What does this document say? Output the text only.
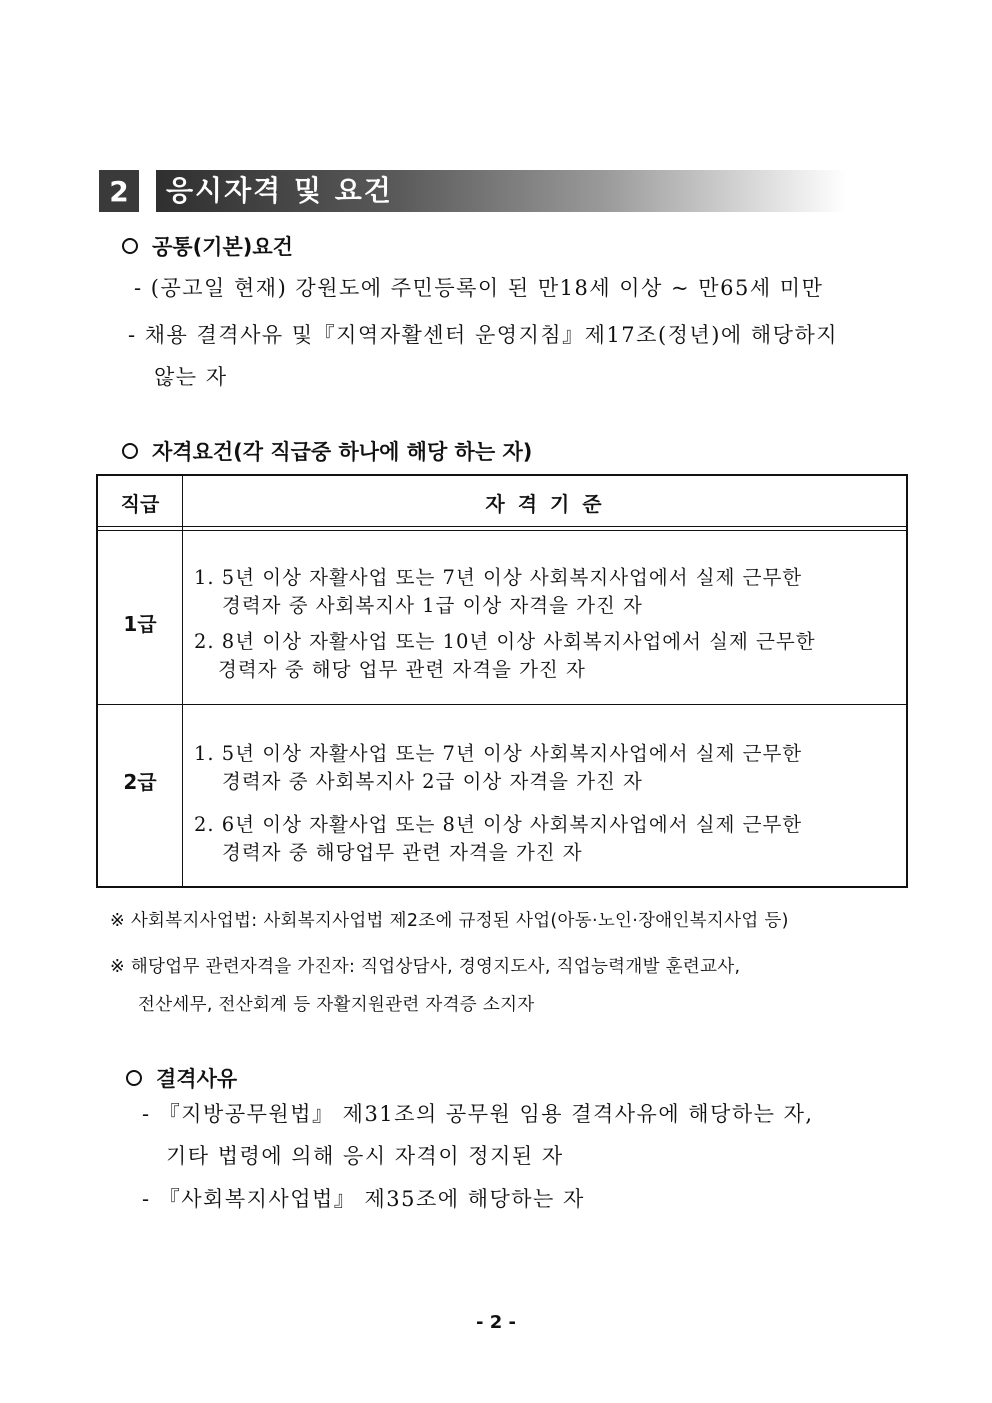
2	응시자격 및 요건
공통(기본)요건
- (공고일 현재) 강원도에 주민등록이 된 만18세 이상 ~ 만65세 미만
- 채용 결격사유 및『지역자활센터 운영지침』제17조(정년)에 해당하지
않는 자
자격요건(각 직급중 하나에 해당 하는 자)
직급	자 격 기 준
1급
1. 5년 이상 자활사업 또는 7년 이상 사회복지사업에서 실제 근무한
경력자 중 사회복지사 1급 이상 자격을 가진 자
2. 8년 이상 자활사업 또는 10년 이상 사회복지사업에서 실제 근무한
경력자 중 해당 업무 관련 자격을 가진 자
2급
1. 5년 이상 자활사업 또는 7년 이상 사회복지사업에서 실제 근무한
경력자 중 사회복지사 2급 이상 자격을 가진 자
2. 6년 이상 자활사업 또는 8년 이상 사회복지사업에서 실제 근무한
경력자 중 해당업무 관련 자격을 가진 자
※ 사회복지사업법: 사회복지사업법 제2조에 규정된 사업(아동·노인·장애인복지사업 등)
※ 해당업무 관련자격을 가진자: 직업상담사, 경영지도사, 직업능력개발 훈련교사,
전산세무, 전산회계 등 자활지원관련 자격증 소지자
결격사유
- 『지방공무원법』 제31조의 공무원 임용 결격사유에 해당하는 자,
기타 법령에 의해 응시 자격이 정지된 자
- 『사회복지사업법』 제35조에 해당하는 자
- 2 -
